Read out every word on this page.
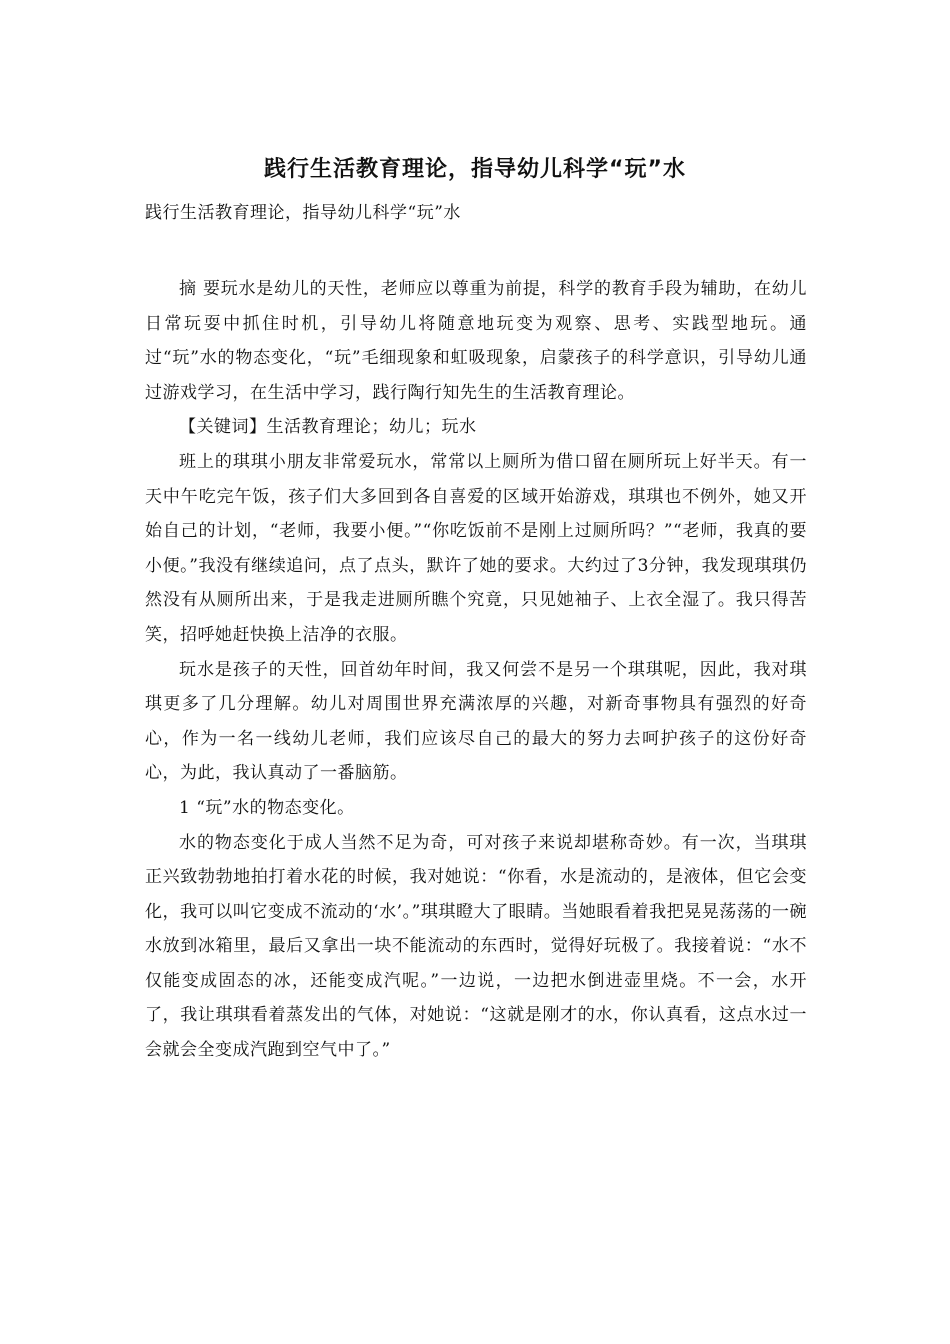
践行生活教育理论，指导幼儿科学“玩”水
践行生活教育理论，指导幼儿科学“玩”水

摘 要玩水是幼儿的天性，老师应以尊重为前提，科学的教育手段为辅助，在幼儿日常玩耍中抓住时机，引导幼儿将随意地玩变为观察、思考、实践型地玩。通过“玩”水的物态变化，“玩”毛细现象和虹吸现象，启蒙孩子的科学意识，引导幼儿通过游戏学习，在生活中学习，践行陶行知先生的生活教育理论。

【关键词】生活教育理论；幼儿；玩水

班上的琪琪小朋友非常爱玩水，常常以上厕所为借口留在厕所玩上好半天。有一天中午吃完午饭，孩子们大多回到各自喜爱的区域开始游戏，琪琪也不例外，她又开始自己的计划，“老师，我要小便。”“你吃饭前不是刚上过厕所吗？”“老师，我真的要小便。”我没有继续追问，点了点头，默许了她的要求。大约过了3分钟，我发现琪琪仍然没有从厕所出来，于是我走进厕所瞧个究竟，只见她袖子、上衣全湿了。我只得苦笑，招呼她赶快换上洁净的衣服。

玩水是孩子的天性，回首幼年时间，我又何尝不是另一个琪琪呢，因此，我对琪琪更多了几分理解。幼儿对周围世界充满浓厚的兴趣，对新奇事物具有强烈的好奇心，作为一名一线幼儿老师，我们应该尽自己的最大的努力去呵护孩子的这份好奇心，为此，我认真动了一番脑筋。

1 “玩”水的物态变化。

水的物态变化于成人当然不足为奇，可对孩子来说却堪称奇妙。有一次，当琪琪正兴致勃勃地拍打着水花的时候，我对她说：“你看，水是流动的，是液体，但它会变化，我可以叫它变成不流动的‘水’。”琪琪瞪大了眼睛。当她眼看着我把晃晃荡荡的一碗水放到冰箱里，最后又拿出一块不能流动的东西时，觉得好玩极了。我接着说：“水不仅能变成固态的冰，还能变成汽呢。”一边说，一边把水倒进壶里烧。不一会，水开了，我让琪琪看着蒸发出的气体，对她说：“这就是刚才的水，你认真看，这点水过一会就会全变成汽跑到空气中了。”
